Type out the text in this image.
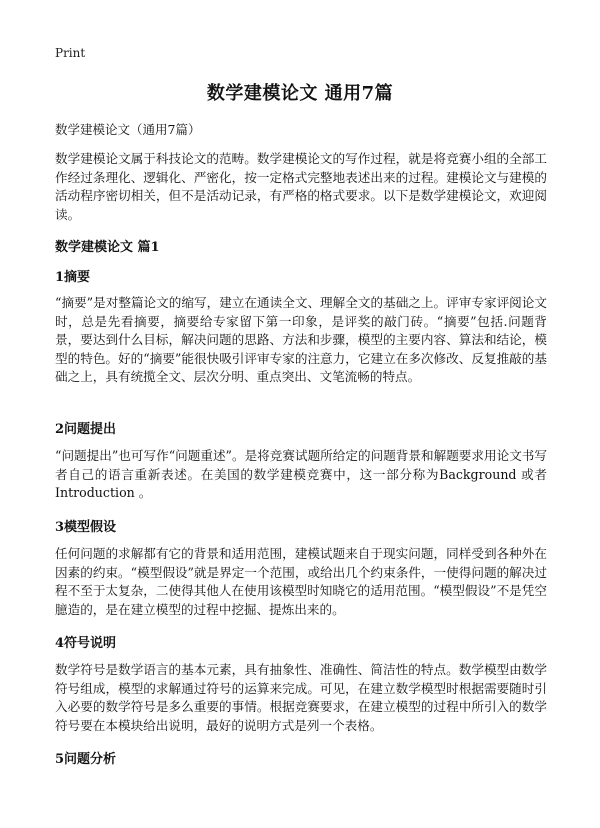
Print
数学建模论文 通用7篇
数学建模论文（通用7篇）

数学建模论文属于科技论文的范畴。数学建模论文的写作过程，就是将竞赛小组的全部工作经过条理化、逻辑化、严密化，按一定格式完整地表述出来的过程。建模论文与建模的活动程序密切相关，但不是活动记录，有严格的格式要求。以下是数学建模论文，欢迎阅读。

数学建模论文 篇1
1摘要

“摘要”是对整篇论文的缩写，建立在通读全文、理解全文的基础之上。评审专家评阅论文时，总是先看摘要，摘要给专家留下第一印象，是评奖的敲门砖。“摘要”包括.问题背景，要达到什么目标，解决问题的思路、方法和步骤，模型的主要内容、算法和结论，模型的特色。好的“摘要”能很快吸引评审专家的注意力，它建立在多次修改、反复推敲的基础之上，具有统揽全文、层次分明、重点突出、文笔流畅的特点。

2问题提出

“问题提出”也可写作“问题重述”。是将竞赛试题所给定的问题背景和解题要求用论文书写者自己的语言重新表述。在美国的数学建模竞赛中，这一部分称为Background 或者 Introduction 。

3模型假设

任何问题的求解都有它的背景和适用范围，建模试题来自于现实问题，同样受到各种外在因素的约束。“模型假设”就是界定一个范围，或给出几个约束条件，一使得问题的解决过程不至于太复杂，二使得其他人在使用该模型时知晓它的适用范围。“模型假设”不是凭空臆造的，是在建立模型的过程中挖掘、提炼出来的。

4符号说明

数学符号是数学语言的基本元素，具有抽象性、准确性、简洁性的特点。数学模型由数学符号组成，模型的求解通过符号的运算来完成。可见，在建立数学模型时根据需要随时引入必要的数学符号是多么重要的事情。根据竞赛要求，在建立模型的过程中所引入的数学符号要在本模块给出说明，最好的说明方式是列一个表格。

5问题分析
